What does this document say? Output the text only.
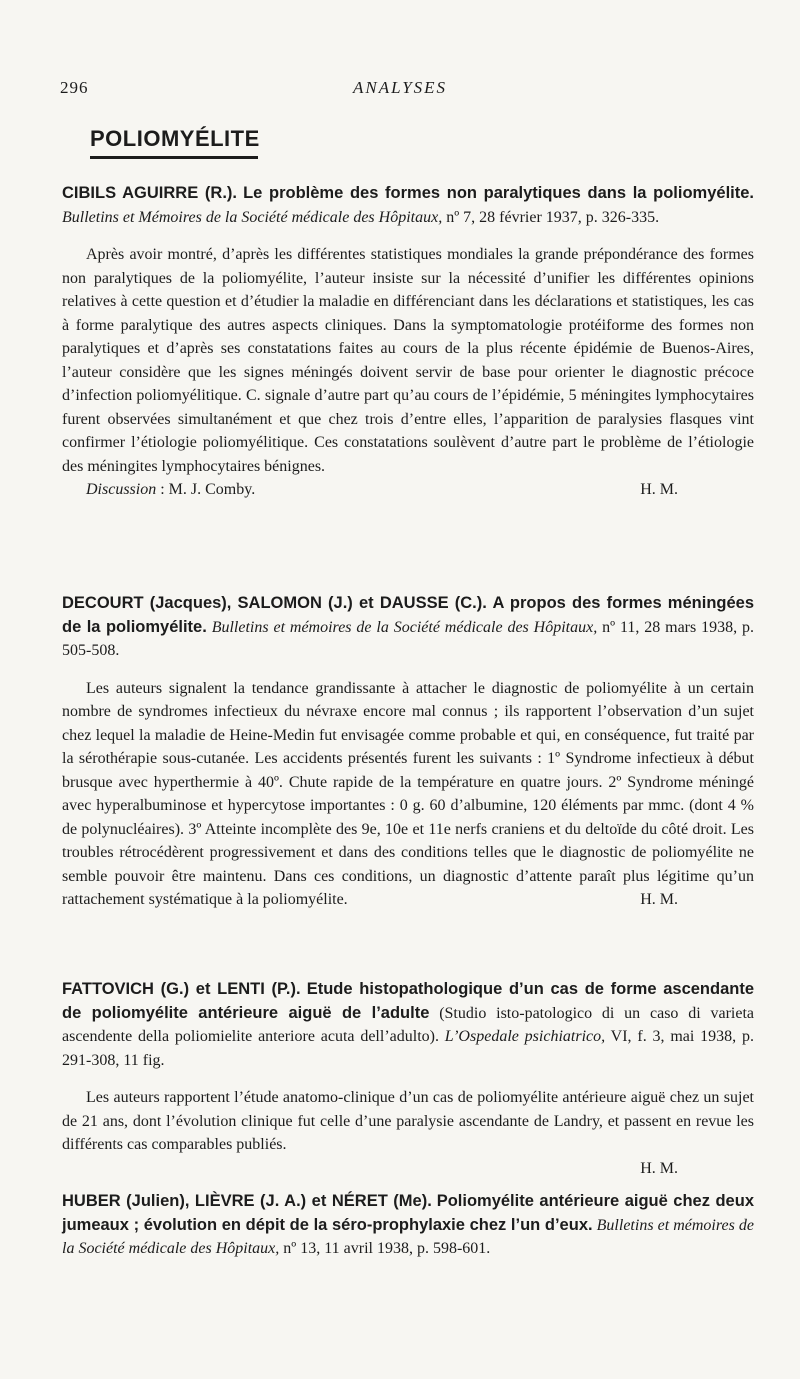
296	ANALYSES
POLIOMYÉLITE
CIBILS AGUIRRE (R.). Le problème des formes non paralytiques dans la poliomyélite. Bulletins et Mémoires de la Société médicale des Hôpitaux, nº 7, 28 février 1937, p. 326-335.
Après avoir montré, d’après les différentes statistiques mondiales la grande prépondérance des formes non paralytiques de la poliomyélite, l’auteur insiste sur la nécessité d’unifier les différentes opinions relatives à cette question et d’étudier la maladie en différenciant dans les déclarations et statistiques, les cas à forme paralytique des autres aspects cliniques. Dans la symptomatologie protéiforme des formes non paralytiques et d’après ses constatations faites au cours de la plus récente épidémie de Buenos-Aires, l’auteur considère que les signes méningés doivent servir de base pour orienter le diagnostic précoce d’infection poliomyélitique. C. signale d’autre part qu’au cours de l’épidémie, 5 méningites lymphocytaires furent observées simultanément et que chez trois d’entre elles, l’apparition de paralysies flasques vint confirmer l’étiologie poliomyélitique. Ces constatations soulèvent d’autre part le problème de l’étiologie des méningites lymphocytaires bénignes.
Discussion : M. J. Comby.	H. M.
DECOURT (Jacques), SALOMON (J.) et DAUSSE (C.). A propos des formes méningées de la poliomyélite. Bulletins et mémoires de la Société médicale des Hôpitaux, nº 11, 28 mars 1938, p. 505-508.
Les auteurs signalent la tendance grandissante à attacher le diagnostic de poliomyélite à un certain nombre de syndromes infectieux du névraxe encore mal connus ; ils rapportent l’observation d’un sujet chez lequel la maladie de Heine-Medin fut envisagée comme probable et qui, en conséquence, fut traité par la sérothérapie sous-cutanée. Les accidents présentés furent les suivants : 1º Syndrome infectieux à début brusque avec hyperthermie à 40º. Chute rapide de la température en quatre jours. 2º Syndrome méningé avec hyperalbuminose et hypercytose importantes : 0 g. 60 d’albumine, 120 éléments par mmc. (dont 4 % de polynucléaires). 3º Atteinte incomplète des 9e, 10e et 11e nerfs craniens et du deltoïde du côté droit. Les troubles rétrocédèrent progressivement et dans des conditions telles que le diagnostic de poliomyélite ne semble pouvoir être maintenu. Dans ces conditions, un diagnostic d’attente paraît plus légitime qu’un rattachement systématique à la poliomyélite.	H. M.
FATTOVICH (G.) et LENTI (P.). Etude histopathologique d’un cas de forme ascendante de poliomyélite antérieure aiguë de l’adulte (Studio isto-patologico di un caso di varieta ascendente della poliomielite anteriore acuta dell’adulto). L’Ospedale psichiatrico, VI, f. 3, mai 1938, p. 291-308, 11 fig.
Les auteurs rapportent l’étude anatomo-clinique d’un cas de poliomyélite antérieure aiguë chez un sujet de 21 ans, dont l’évolution clinique fut celle d’une paralysie ascendante de Landry, et passent en revue les différents cas comparables publiés.
H. M.
HUBER (Julien), LIÈVRE (J. A.) et NÉRET (Me). Poliomyélite antérieure aiguë chez deux jumeaux ; évolution en dépit de la séro-prophylaxie chez l’un d’eux. Bulletins et mémoires de la Société médicale des Hôpitaux, nº 13, 11 avril 1938, p. 598-601.
